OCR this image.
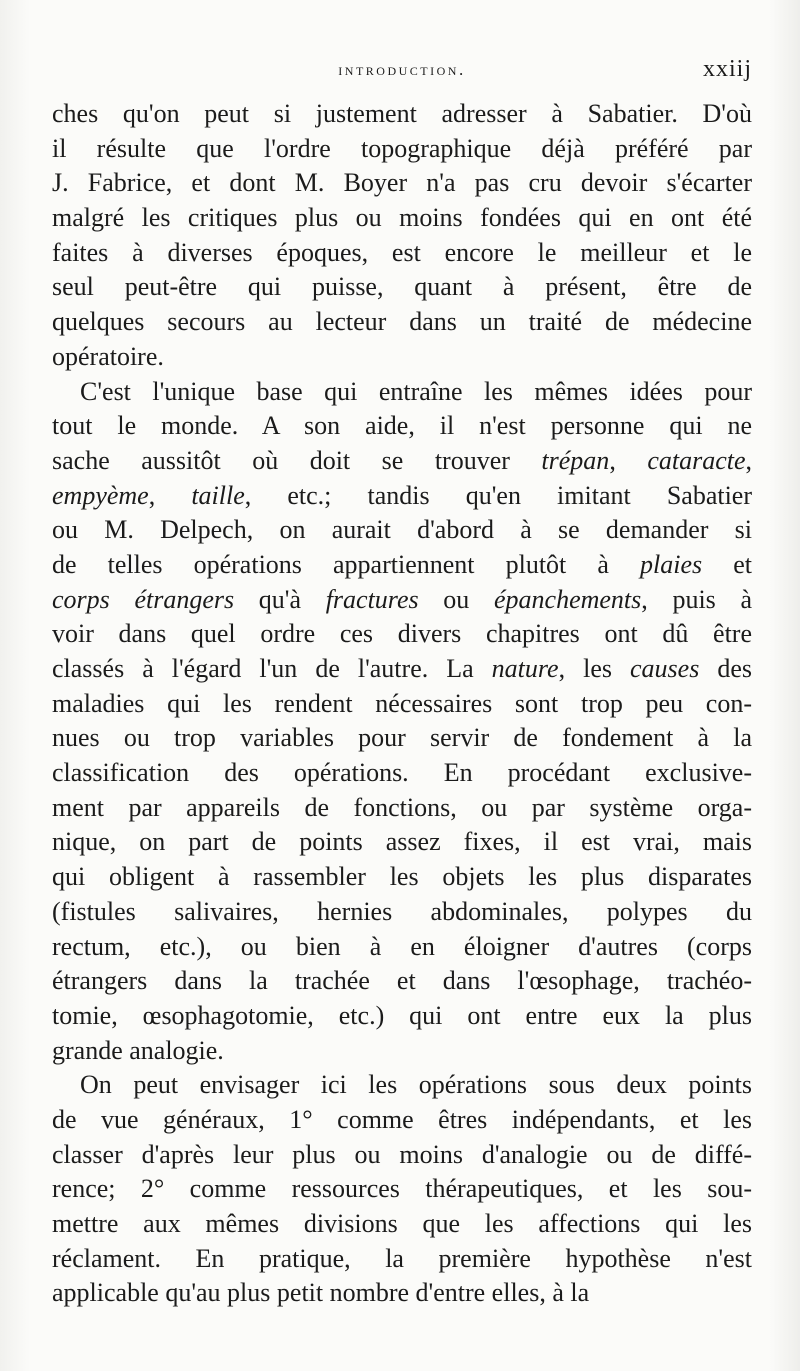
introduction.	xxiij
ches qu'on peut si justement adresser à Sabatier. D'où
il résulte que l'ordre topographique déjà préféré par
J. Fabrice, et dont M. Boyer n'a pas cru devoir s'écarter
malgré les critiques plus ou moins fondées qui en ont été
faites à diverses époques, est encore le meilleur et le
seul peut-être qui puisse, quant à présent, être de
quelques secours au lecteur dans un traité de médecine
opératoire.
C'est l'unique base qui entraîne les mêmes idées pour
tout le monde. A son aide, il n'est personne qui ne
sache aussitôt où doit se trouver trépan, cataracte,
empyème, taille, etc.; tandis qu'en imitant Sabatier
ou M. Delpech, on aurait d'abord à se demander si
de telles opérations appartiennent plutôt à plaies et
corps étrangers qu'à fractures ou épanchements, puis à
voir dans quel ordre ces divers chapitres ont dû être
classés à l'égard l'un de l'autre. La nature, les causes des
maladies qui les rendent nécessaires sont trop peu con-
nues ou trop variables pour servir de fondement à la
classification des opérations. En procédant exclusive-
ment par appareils de fonctions, ou par système orga-
nique, on part de points assez fixes, il est vrai, mais
qui obligent à rassembler les objets les plus disparates
(fistules salivaires, hernies abdominales, polypes du
rectum, etc.), ou bien à en éloigner d'autres (corps
étrangers dans la trachée et dans l'œsophage, trachéo-
tomie, œsophagotomie, etc.) qui ont entre eux la plus
grande analogie.
On peut envisager ici les opérations sous deux points
de vue généraux, 1° comme êtres indépendants, et les
classer d'après leur plus ou moins d'analogie ou de diffé-
rence; 2° comme ressources thérapeutiques, et les sou-
mettre aux mêmes divisions que les affections qui les
réclament. En pratique, la première hypothèse n'est
applicable qu'au plus petit nombre d'entre elles, à la
